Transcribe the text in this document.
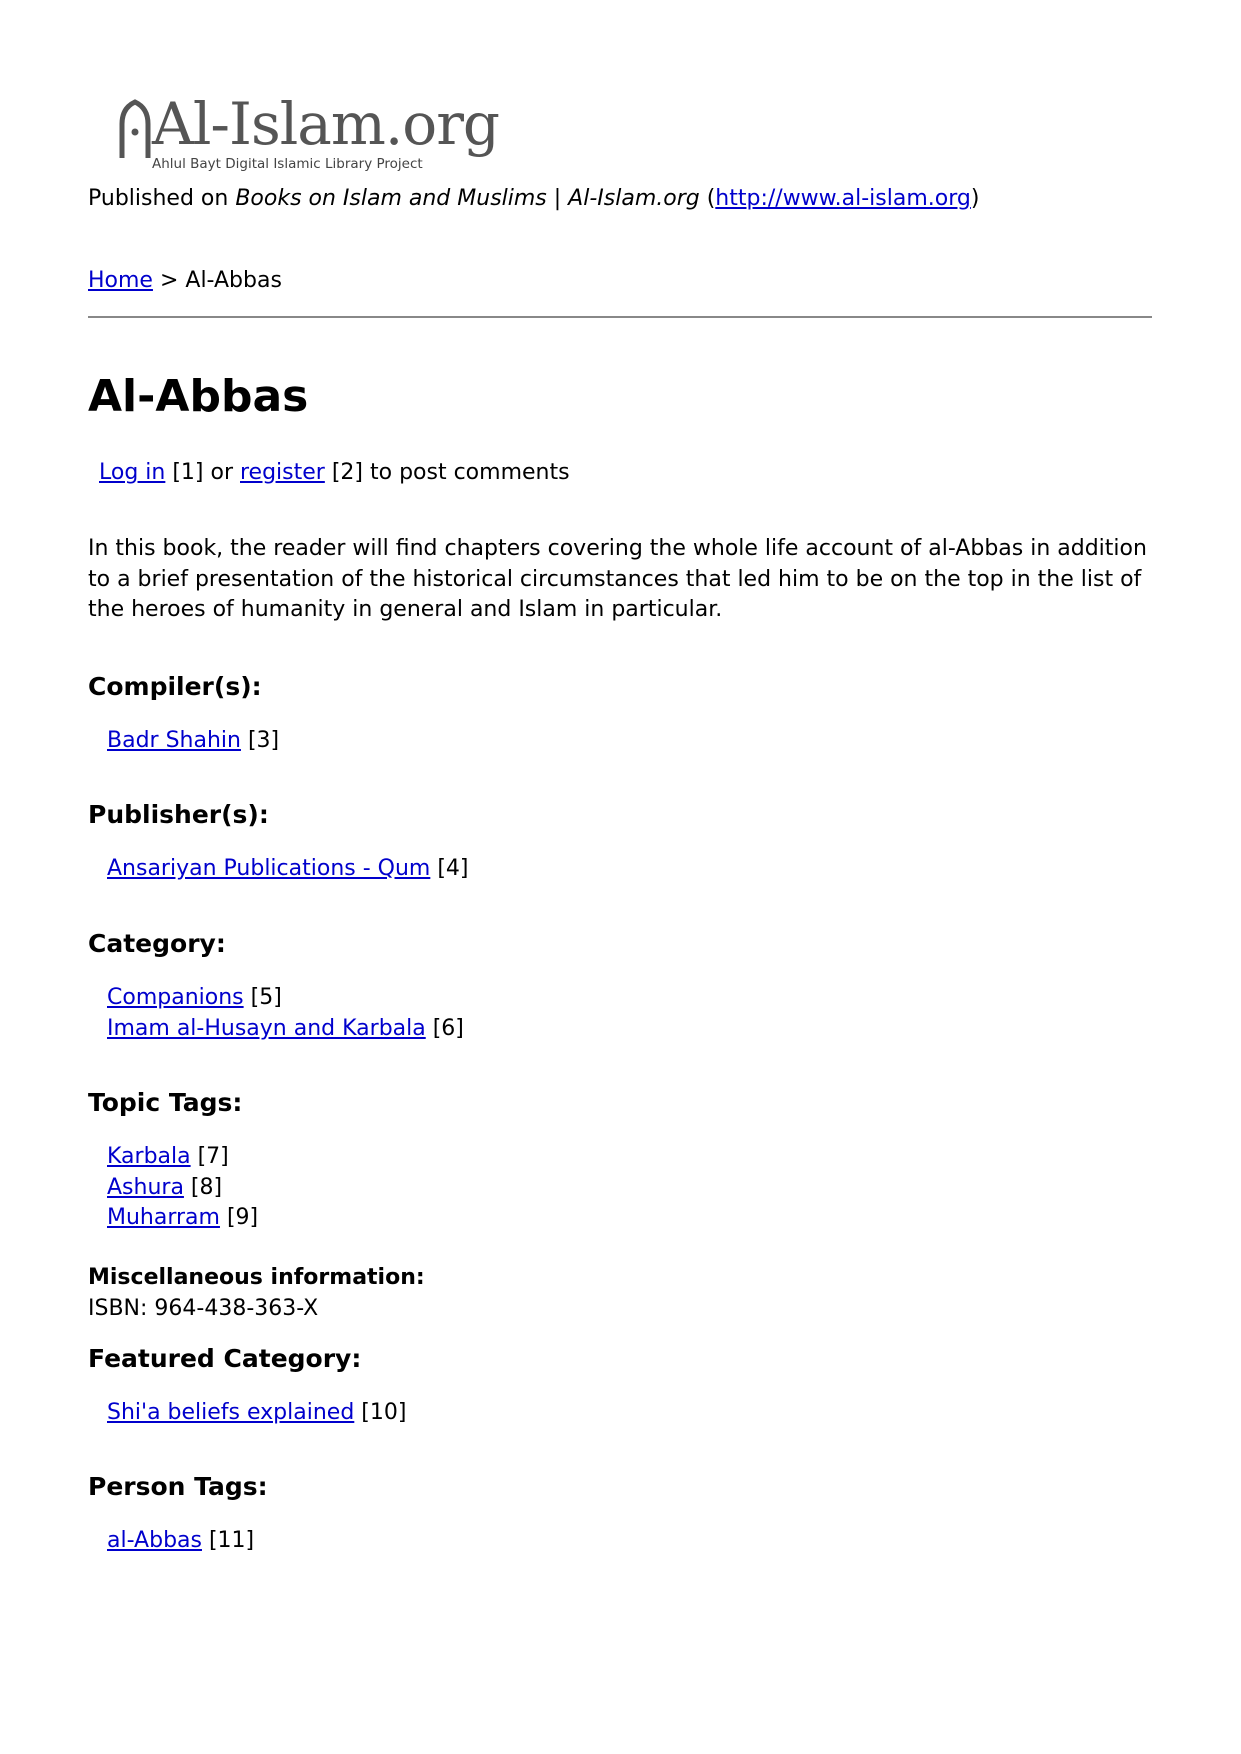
Al-Islam.org
Ahlul Bayt Digital Islamic Library Project
Published on Books on Islam and Muslims | Al-Islam.org (http://www.al-islam.org)
Home > Al-Abbas
Al-Abbas
Log in [1] or register [2] to post comments

In this book, the reader will find chapters covering the whole life account of al-Abbas in addition to a brief presentation of the historical circumstances that led him to be on the top in the list of the heroes of humanity in general and Islam in particular.

Compiler(s):
Badr Shahin [3]
Publisher(s):
Ansariyan Publications - Qum [4]
Category:
Companions [5]
Imam al-Husayn and Karbala [6]
Topic Tags:
Karbala [7]
Ashura [8]
Muharram [9]
Miscellaneous information:
ISBN: 964-438-363-X
Featured Category:
Shi'a beliefs explained [10]
Person Tags:
al-Abbas [11]
